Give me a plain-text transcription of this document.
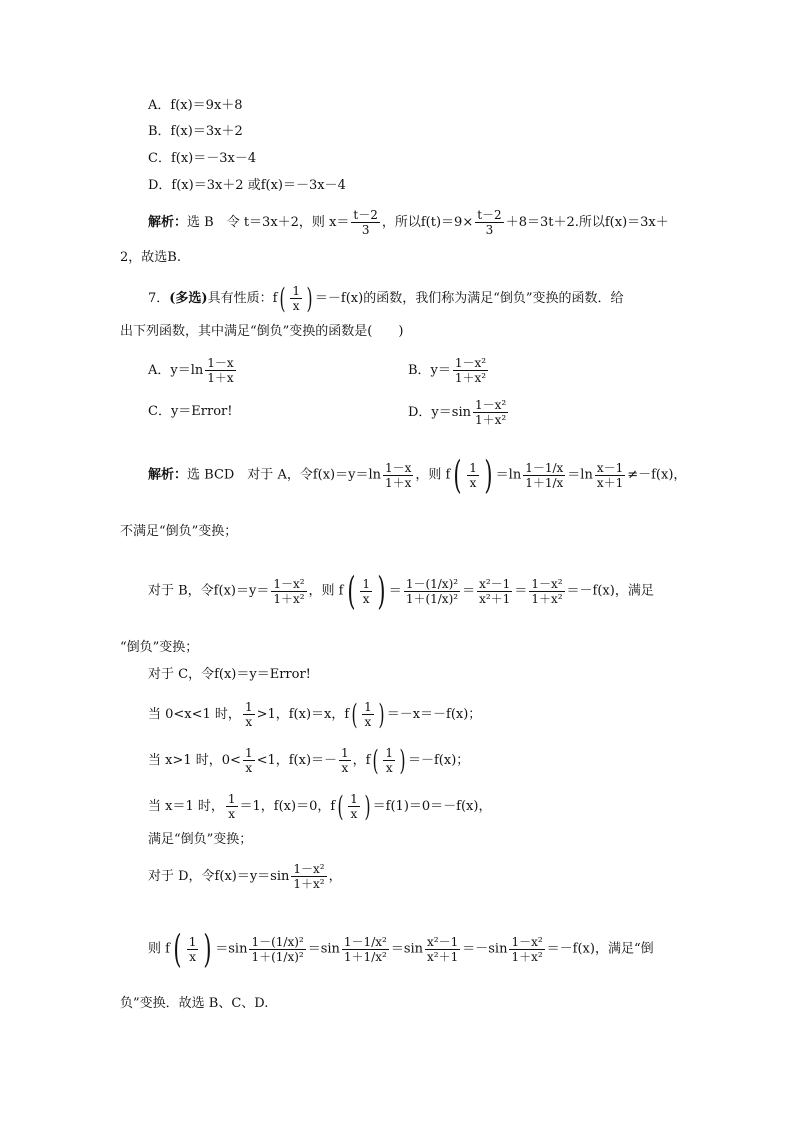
A．f(x)＝9x＋8
B．f(x)＝3x＋2
C．f(x)＝－3x－4
D．f(x)＝3x＋2 或f(x)＝－3x－4
解析：选 B　令 t＝3x＋2，则 $x= \frac{t-2}{3}$ ，所以$f(t)=9\times \frac{t-2}{3} +8=3t+2$.所以f(x)＝3x＋
2，故选B.
7．(多选)具有性质：$f( \frac{1}{x}$ ) ＝－f(x)的函数，我们称为满足“倒负”变换的函数．给
出下列函数，其中满足“倒负”变换的函数是(　　)
A．$y=\ln \frac{1-x}{1+x}$	B．$y= \frac{\text{1－x²}}{\text{1＋x²}}$
C．y＝Error!	D．$y=\sin \frac{\text{1－x²}}{\text{1＋x²}}$
解析：选 BCD　对于 A，令$f(x)=y=\ln \frac{1-x}{1+x}$ ，则 $f( \frac{1}{x}$ ) $=\ln \frac{1-1/x}{1+1/x} =\ln \frac{x-1}{x+1} \ne-f(x)$，
不满足“倒负”变换；
对于 B，令$f(x)=y= \frac{\text{1－x²}}{\text{1＋x²}}$ ，则 $f( \frac{1}{x}$ ) ＝ $\frac{\text{1－(1/x)²}}{\text{1＋(1/x)²}} = \frac{\text{x²－1}}{\text{x²＋1}} = \frac{\text{1－x²}}{\text{1＋x²}} =-f(x)$，满足
“倒负”变换；
对于 C，令f(x)＝y＝Error!
当 0<x<1 时， $\frac{1}{x} >1$，f(x)＝x，$f( \frac{1}{x}$ ) ＝－x＝－f(x)；
当 x>1 时，$0< \frac{1}{x} <1$，$f(x)=- \frac{1}{x}$ ，$f( \frac{1}{x}$ ) ＝－f(x)；
当 x＝1 时， $\frac{1}{x} =1$，f(x)＝0，$f( \frac{1}{x}$ ) ＝f(1)＝0＝－f(x)，
满足“倒负”变换；
对于 D，令$f(x)=y=\sin \frac{\text{1－x²}}{\text{1＋x²}}$ ，
则 $f( \frac{1}{x}$ ) $=\sin \frac{\text{1－(1/x)²}}{\text{1＋(1/x)²}} =\sin \frac{\text{1－1/x²}}{\text{1＋1/x²}} =\sin \frac{\text{x²－1}}{\text{x²＋1}} =-\sin \frac{\text{1－x²}}{\text{1＋x²}} =-f(x)$，满足“倒
负”变换．故选 B、C、D.
